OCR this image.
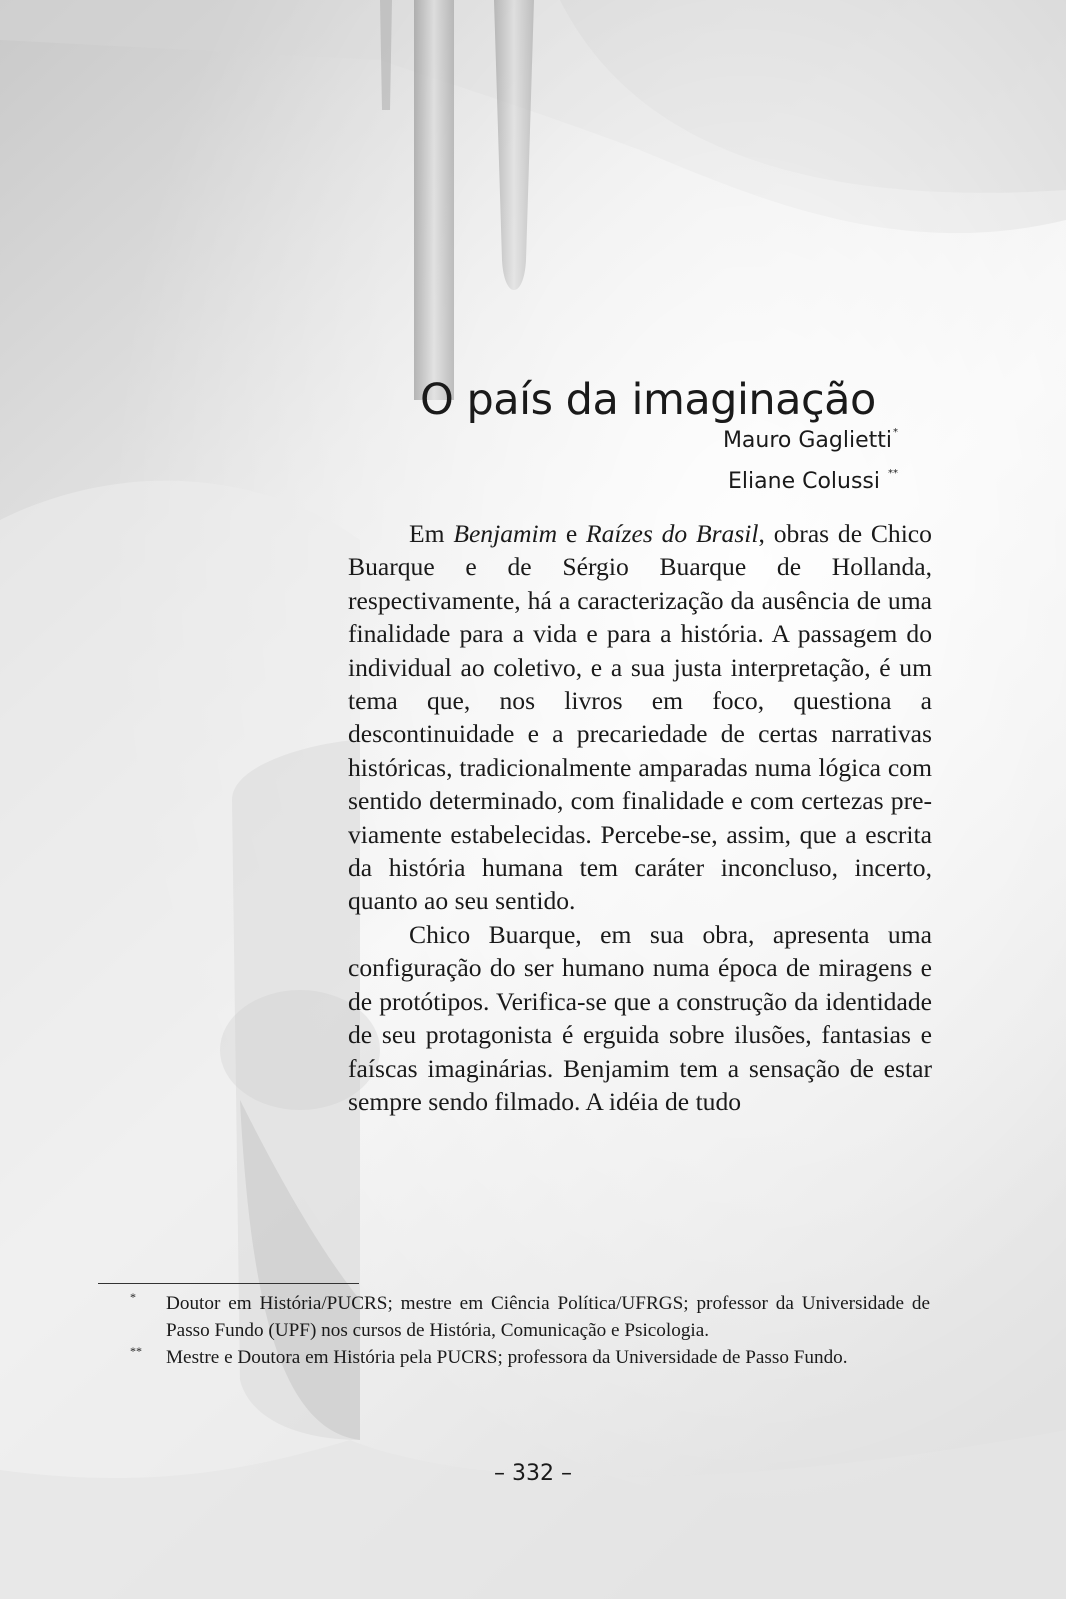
O país da imaginação
Mauro Gaglietti*
Eliane Colussi **

Em Benjamim e Raízes do Brasil, obras de Chico Buarque e de Sérgio Buarque de Hollanda, respectivamente, há a caracterização da ausência de uma finalidade para a vida e para a história. A passagem do individual ao coletivo, e a sua justa interpretação, é um tema que, nos livros em foco, questiona a descontinuidade e a precariedade de certas narrativas históricas, tradicionalmente amparadas numa lógica com sentido determinado, com finalidade e com certezas previamente estabelecidas. Percebe-se, assim, que a escrita da história humana tem caráter inconcluso, incerto, quanto ao seu sentido.

Chico Buarque, em sua obra, apresenta uma configuração do ser humano numa época de miragens e de protótipos. Verifica-se que a construção da identidade de seu protagonista é erguida sobre ilusões, fantasias e faíscas imaginárias. Benjamim tem a sensação de estar sempre sendo filmado. A idéia de tudo

* Doutor em História/PUCRS; mestre em Ciência Política/UFRGS; professor da Universidade de Passo Fundo (UPF) nos cursos de História, Comunicação e Psicologia.

** Mestre e Doutora em História pela PUCRS; professora da Universidade de Passo Fundo.

– 332 –
